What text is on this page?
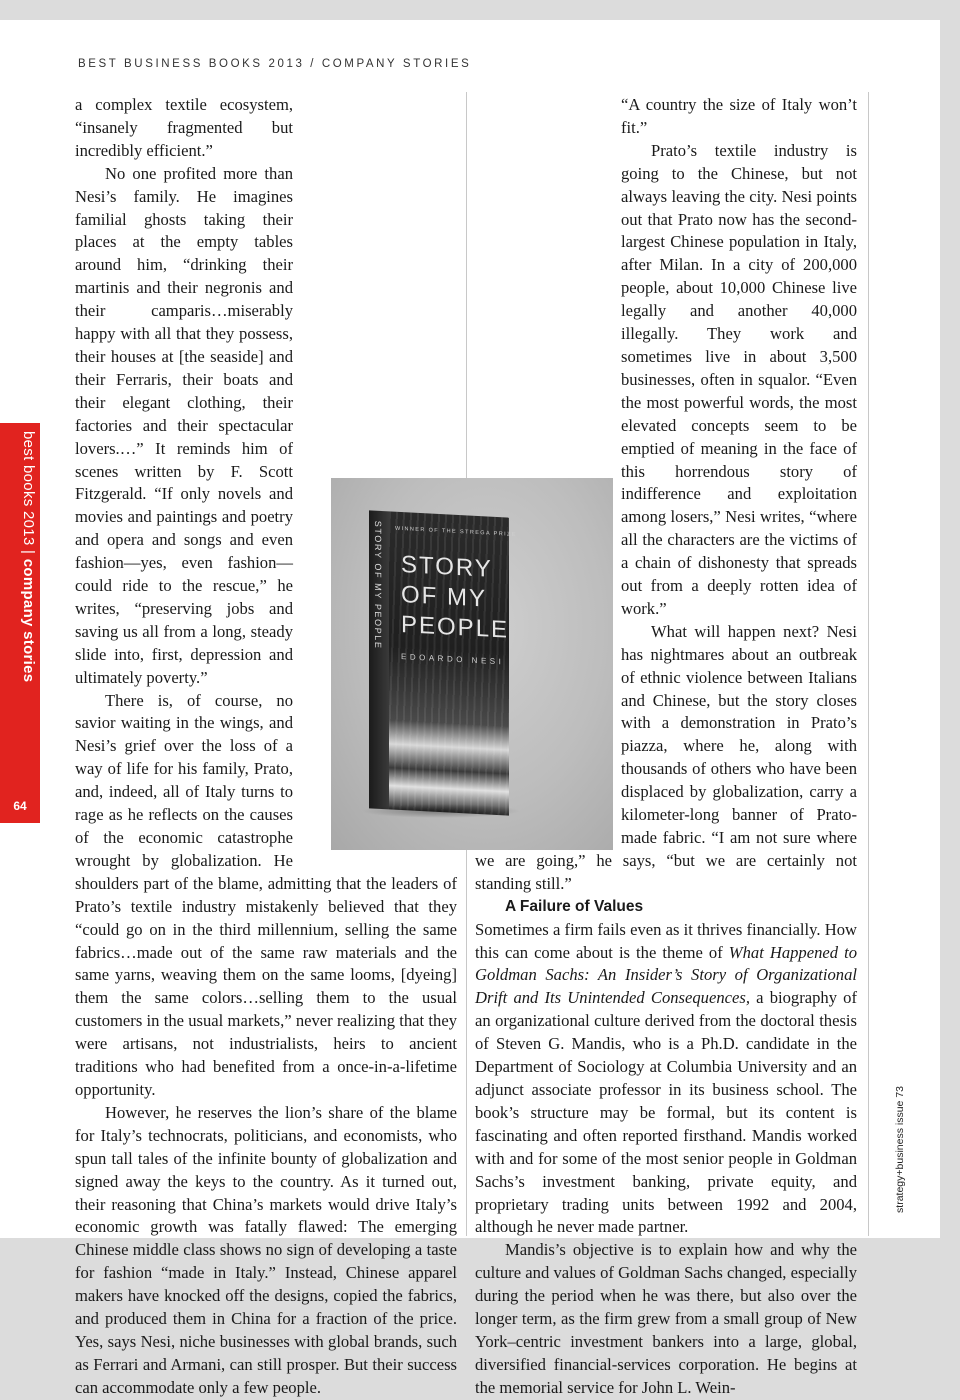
BEST BUSINESS BOOKS 2013 / COMPANY STORIES

a complex textile ecosystem, “insanely fragmented but incredibly efficient.”

No one profited more than Nesi’s family. He imagines familial ghosts taking their places at the empty tables around him, “drinking their martinis and their negronis and their camparis…miserably happy with all that they possess, their houses at [the seaside] and their Ferraris, their boats and their elegant clothing, their factories and their spectacular lovers.…” It reminds him of scenes written by F. Scott Fitzgerald. “If only novels and movies and paintings and poetry and opera and songs and even fashion—yes, even fashion—could ride to the rescue,” he writes, “preserving jobs and saving us all from a long, steady slide into, first, depression and ultimately poverty.”

There is, of course, no savior waiting in the wings, and Nesi’s grief over the loss of a way of life for his family, Prato, and, indeed, all of Italy turns to rage as he reflects on the causes of the economic catastrophe wrought by globalization. He shoulders part of the blame, admitting that the leaders of Prato’s textile industry mistakenly believed that they “could go on in the third millennium, selling the same fabrics…made out of the same raw materials and the same yarns, weaving them on the same looms, [dyeing] them the same colors…selling them to the usual customers in the usual markets,” never realizing that they were artisans, not industrialists, heirs to ancient traditions who had benefited from a once-in-a-lifetime opportunity.

However, he reserves the lion’s share of the blame for Italy’s technocrats, politicians, and economists, who spun tall tales of the infinite bounty of globalization and signed away the keys to the country. As it turned out, their reasoning that China’s markets would drive Italy’s economic growth was fatally flawed: The emerging Chinese middle class shows no sign of developing a taste for fashion “made in Italy.” Instead, Chinese apparel makers have knocked off the designs, copied the fabrics, and produced them in China for a fraction of the price. Yes, says Nesi, niche businesses with global brands, such as Ferrari and Armani, can still prosper. But their success can accommodate only a few people.

“A country the size of Italy won’t fit.”

Prato’s textile industry is going to the Chinese, but not always leaving the city. Nesi points out that Prato now has the second-largest Chinese population in Italy, after Milan. In a city of 200,000 people, about 10,000 Chinese live legally and another 40,000 illegally. They work and sometimes live in about 3,500 businesses, often in squalor. “Even the most powerful words, the most elevated concepts seem to be emptied of meaning in the face of this horrendous story of indifference and exploitation among losers,” Nesi writes, “where all the characters are the victims of a chain of dishonesty that spreads out from a deeply rotten idea of work.”

What will happen next? Nesi has nightmares about an outbreak of ethnic violence between Italians and Chinese, but the story closes with a demonstration in Prato’s piazza, where he, along with thousands of others who have been displaced by globalization, carry a kilometer-long banner of Prato-made fabric. “I am not sure where we are going,” he says, “but we are certainly not standing still.”

A Failure of Values

Sometimes a firm fails even as it thrives financially. How this can come about is the theme of What Happened to Goldman Sachs: An Insider’s Story of Organizational Drift and Its Unintended Consequences, a biography of an organizational culture derived from the doctoral thesis of Steven G. Mandis, who is a Ph.D. candidate in the Department of Sociology at Columbia University and an adjunct associate professor in its business school. The book’s structure may be formal, but its content is fascinating and often reported firsthand. Mandis worked with and for some of the most senior people in Goldman Sachs’s investment banking, private equity, and proprietary trading units between 1992 and 2004, although he never made partner.

Mandis’s objective is to explain how and why the culture and values of Goldman Sachs changed, especially during the period when he was there, but also over the longer term, as the firm grew from a small group of New York–centric investment bankers into a large, global, diversified financial-services corporation. He begins at the memorial service for John L. Wein-

STORY OF MY PEOPLE WINNER OF THE STREGA PRIZE
STORY
OF MY
PEOPLE
EDOARDO NESI
strategy+business issue 73
best books 2013 | company stories
64
